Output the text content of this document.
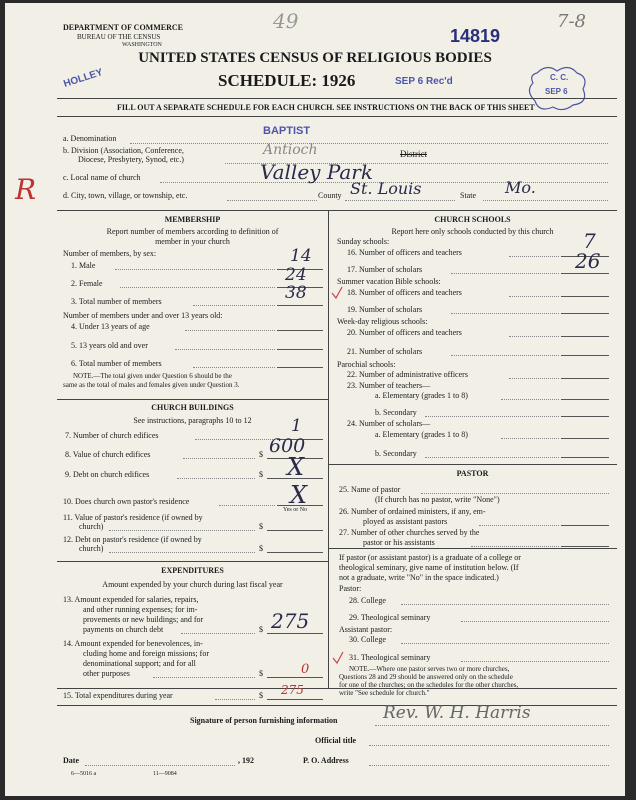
DEPARTMENT OF COMMERCE
BUREAU OF THE CENSUS
WASHINGTON
49
14819
7-8
UNITED STATES CENSUS OF RELIGIOUS BODIES
SCHEDULE: 1926	SEP 6 Rec'd
HOLLEY	C. C.
SEP 6
FILL OUT A SEPARATE SCHEDULE FOR EACH CHURCH. SEE INSTRUCTIONS ON THE BACK OF THIS SHEET
R
a. Denomination
BAPTIST
b. Division (Association, Conference,
Diocese, Presbytery, Synod, etc.)
Antioch	District
c. Local name of church	Valley Park
d. City, town, village, or township, etc.	County St. Louis	State Mo.
MEMBERSHIP
Report number of members according to definition of
member in your church
Number of members, by sex:
1. Male	14
2. Female	24
3. Total number of members	38
Number of members under and over 13 years old:
4. Under 13 years of age
5. 13 years old and over
6. Total number of members
NOTE.—The total given under Question 6 should be the
same as the total of males and females given under Question 3.
CHURCH BUILDINGS
See instructions, paragraphs 10 to 12
7. Number of church edifices	1
8. Value of church edifices	$ 600
9. Debt on church edifices	$ X
10. Does church own pastor's residence	X
Yes or No
11. Value of pastor's residence (if owned by
church)	$
12. Debt on pastor's residence (if owned by
church)	$
EXPENDITURES
Amount expended by your church during last fiscal year
13. Amount expended for salaries, repairs,
and other running expenses; for im-
provements or new buildings; and for
payments on church debt	$ 275
14. Amount expended for benevolences, in-
cluding home and foreign missions; for
denominational support; and for all
other purposes	$	0
CHURCH SCHOOLS
Report here only schools conducted by this church
Sunday schools:
16. Number of officers and teachers	7
17. Number of scholars	26
Summer vacation Bible schools:
18. Number of officers and teachers
19. Number of scholars
Week-day religious schools:
20. Number of officers and teachers
21. Number of scholars
Parochial schools:
22. Number of administrative officers
23. Number of teachers—
a. Elementary (grades 1 to 8)
b. Secondary
24. Number of scholars—
a. Elementary (grades 1 to 8)
b. Secondary
PASTOR
25. Name of pastor
(If church has no pastor, write "None")
26. Number of ordained ministers, if any, em-
ployed as assistant pastors
27. Number of other churches served by the
pastor or his assistants
If pastor (or assistant pastor) is a graduate of a college or
theological seminary, give name of institution below. (If
not a graduate, write "No" in the space indicated.)
Pastor:
28. College
29. Theological seminary
Assistant pastor:
30. College
31. Theological seminary
NOTE.—Where one pastor serves two or more churches,
Questions 28 and 29 should be answered only on the schedule
for one of the churches; on the schedules for the other churches,
write "See schedule for church."
15. Total expenditures during year	$ 275
Signature of person furnishing information	Rev. W. H. Harris
Official title
Date	, 192	P. O. Address
6—5016 a	11—9084
